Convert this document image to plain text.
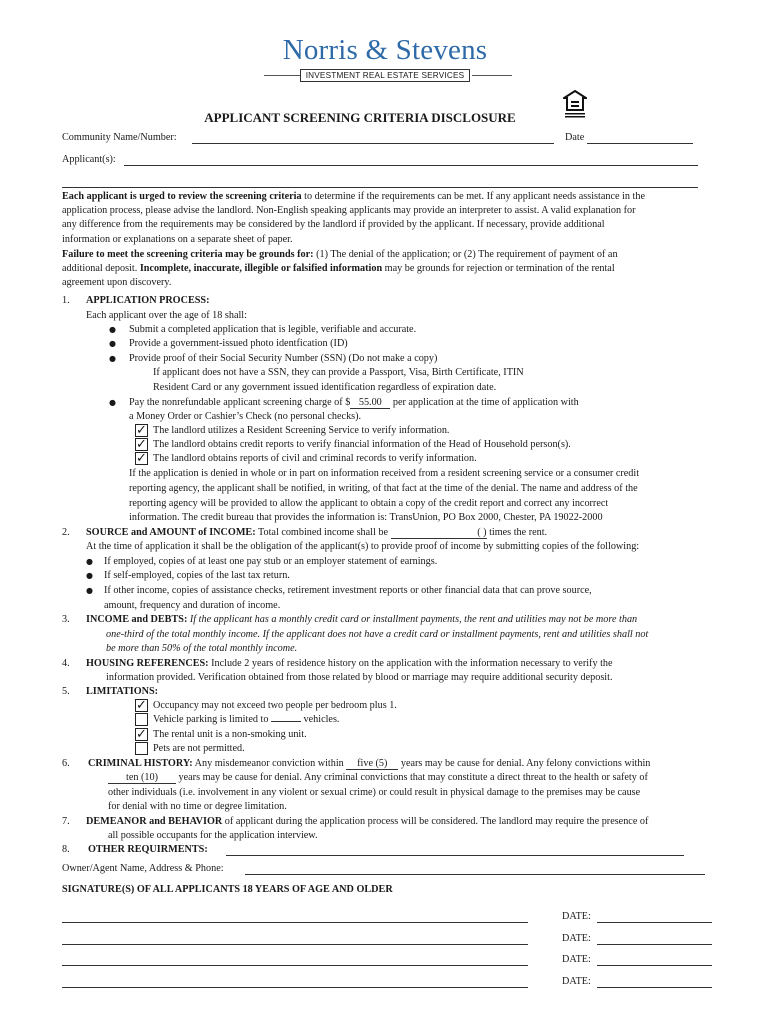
Norris & Stevens
INVESTMENT REAL ESTATE SERVICES
APPLICANT SCREENING CRITERIA DISCLOSURE
Community Name/Number:	Date
Applicant(s):
Each applicant is urged to review the screening criteria to determine if the requirements can be met. If any applicant needs assistance in the
application process, please advise the landlord. Non-English speaking applicants may provide an interpreter to assist. A valid explanation for
any difference from the requirements may be considered by the landlord if provided by the applicant. If necessary, provide additional
information or explanations on a separate sheet of paper.
Failure to meet the screening criteria may be grounds for: (1) The denial of the application; or (2) The requirement of payment of an
additional deposit. Incomplete, inaccurate, illegible or falsified information may be grounds for rejection or termination of the rental
agreement upon discovery.
1. APPLICATION PROCESS:
Each applicant over the age of 18 shall:
● Submit a completed application that is legible, verifiable and accurate.
● Provide a government-issued photo identfication (ID)
● Provide proof of their Social Security Number (SSN) (Do not make a copy)
If applicant does not have a SSN, they can provide a Passport, Visa, Birth Certificate, ITIN
Resident Card or any government issued identification regardless of expiration date.
● Pay the nonrefundable applicant screening charge of $ 55.00 per application at the time of application with
a Money Order or Cashier’s Check (no personal checks).
✓ The landlord utilizes a Resident Screening Service to verify information.
✓ The landlord obtains credit reports to verify financial information of the Head of Household person(s).
✓ The landlord obtains reports of civil and criminal records to verify information.
If the application is denied in whole or in part on information received from a resident screening service or a consumer credit
reporting agency, the applicant shall be notified, in writing, of that fact at the time of the denial. The name and address of the
reporting agency will be provided to allow the applicant to obtain a copy of the credit report and correct any incorrect
information. The credit bureau that provides the information is: TransUnion, PO Box 2000, Chester, PA 19022-2000
2. SOURCE and AMOUNT of INCOME: Total combined income shall be	( ) times the rent.
At the time of application it shall be the obligation of the applicant(s) to provide proof of income by submitting copies of the following:
● If employed, copies of at least one pay stub or an employer statement of earnings.
● If self-employed, copies of the last tax return.
● If other income, copies of assistance checks, retirement investment reports or other financial data that can prove source,
amount, frequency and duration of income.
3. INCOME and DEBTS: If the applicant has a monthly credit card or installment payments, the rent and utilities may not be more than
one-third of the total monthly income. If the applicant does not have a credit card or installment payments, rent and utilities shall not
be more than 50% of the total monthly income.
4. HOUSING REFERENCES: Include 2 years of residence history on the application with the information necessary to verify the
information provided. Verification obtained from those related by blood or marriage may require additional security deposit.
5. LIMITATIONS:
✓ Occupancy may not exceed two people per bedroom plus 1.
Vehicle parking is limited to	vehicles.
✓ The rental unit is a non-smoking unit.
Pets are not permitted.
6. CRIMINAL HISTORY: Any misdemeanor conviction within five (5) years may be cause for denial. Any felony convictions within
ten (10) years may be cause for denial. Any criminal convictions that may constitute a direct threat to the health or safety of
other individuals (i.e. involvement in any violent or sexual crime) or could result in physical damage to the premises may be cause
for denial with no time or degree limitation.
7. DEMEANOR and BEHAVIOR of applicant during the application process will be considered. The landlord may require the presence of
all possible occupants for the application interview.
8. OTHER REQUIRMENTS:
Owner/Agent Name, Address & Phone:
SIGNATURE(S) OF ALL APPLICANTS 18 YEARS OF AGE AND OLDER
DATE:
DATE:
DATE:
DATE:
